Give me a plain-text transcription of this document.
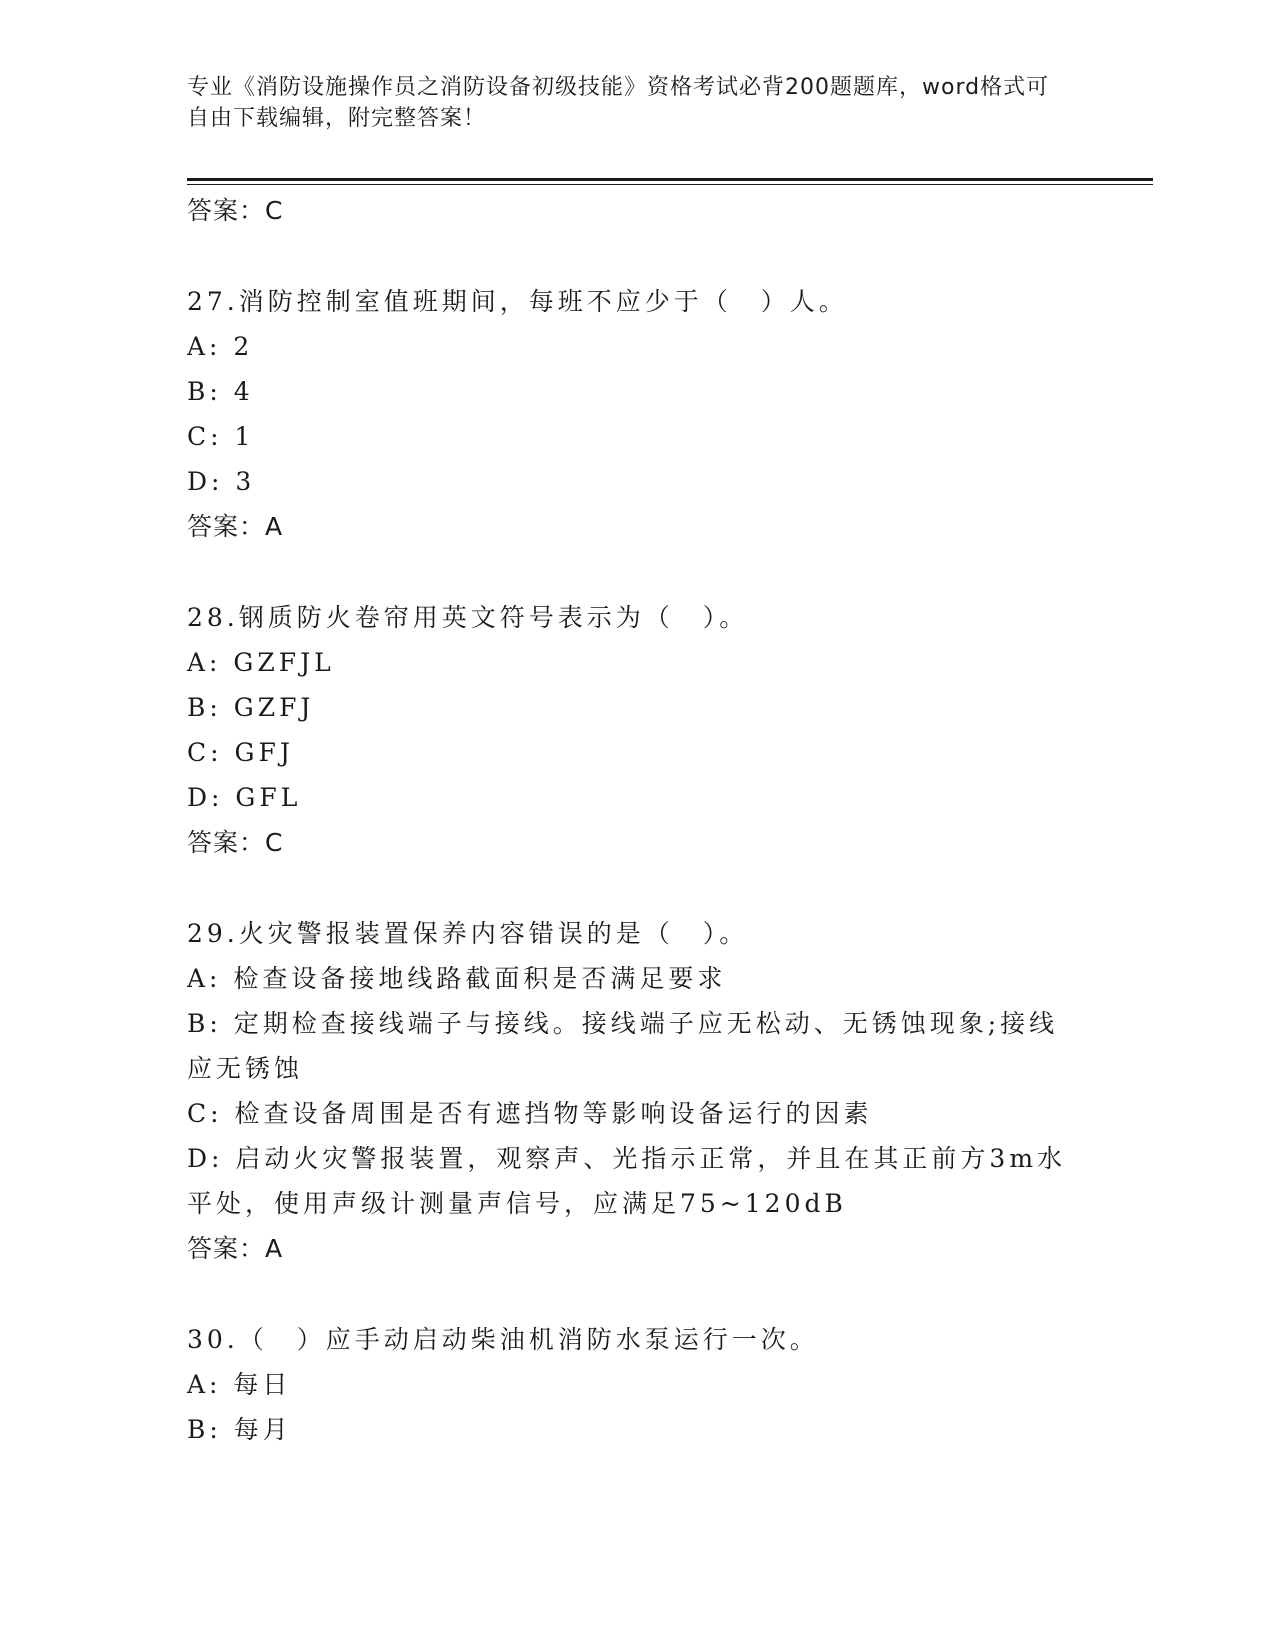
专业《消防设施操作员之消防设备初级技能》资格考试必背200题题库，word格式可自由下载编辑，附完整答案！
答案：C
27.消防控制室值班期间，每班不应少于（　）人。
A: 2
B: 4
C: 1
D: 3
答案：A
28.钢质防火卷帘用英文符号表示为（　）。
A: GZFJL
B: GZFJ
C: GFJ
D: GFL
答案：C
29.火灾警报装置保养内容错误的是（　）。
A: 检查设备接地线路截面积是否满足要求
B: 定期检查接线端子与接线。接线端子应无松动、无锈蚀现象;接线应无锈蚀
C: 检查设备周围是否有遮挡物等影响设备运行的因素
D: 启动火灾警报装置，观察声、光指示正常，并且在其正前方3m水平处，使用声级计测量声信号，应满足75~120dB
答案：A
30.（　）应手动启动柴油机消防水泵运行一次。
A: 每日
B: 每月
